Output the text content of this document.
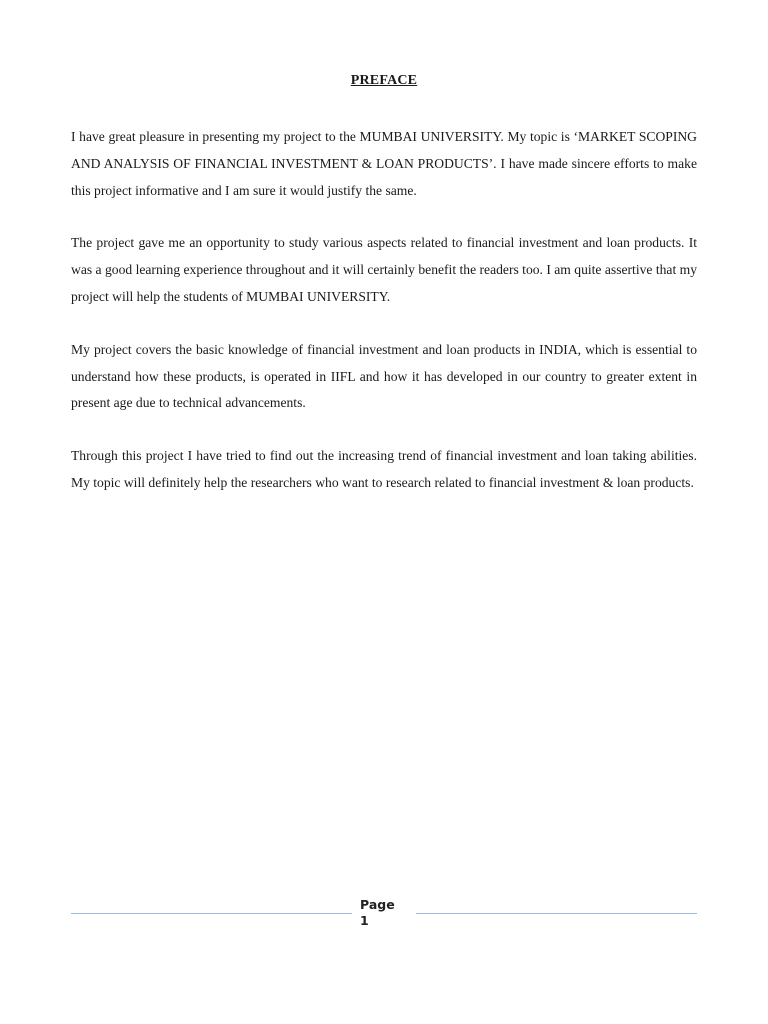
PREFACE

I have great pleasure in presenting my project to the MUMBAI UNIVERSITY. My topic is ‘MARKET SCOPING AND ANALYSIS OF FINANCIAL INVESTMENT & LOAN PRODUCTS’. I have made sincere efforts to make this project informative and I am sure it would justify the same.

The project gave me an opportunity to study various aspects related to financial investment and loan products. It was a good learning experience throughout and it will certainly benefit the readers too. I am quite assertive that my project will help the students of MUMBAI UNIVERSITY.

My project covers the basic knowledge of financial investment and loan products in INDIA, which is essential to understand how these products, is operated in IIFL and how it has developed in our country to greater extent in present age due to technical advancements.

Through this project I have tried to find out the increasing trend of financial investment and loan taking abilities. My topic will definitely help the researchers who want to research related to financial investment & loan products.

Page
1
